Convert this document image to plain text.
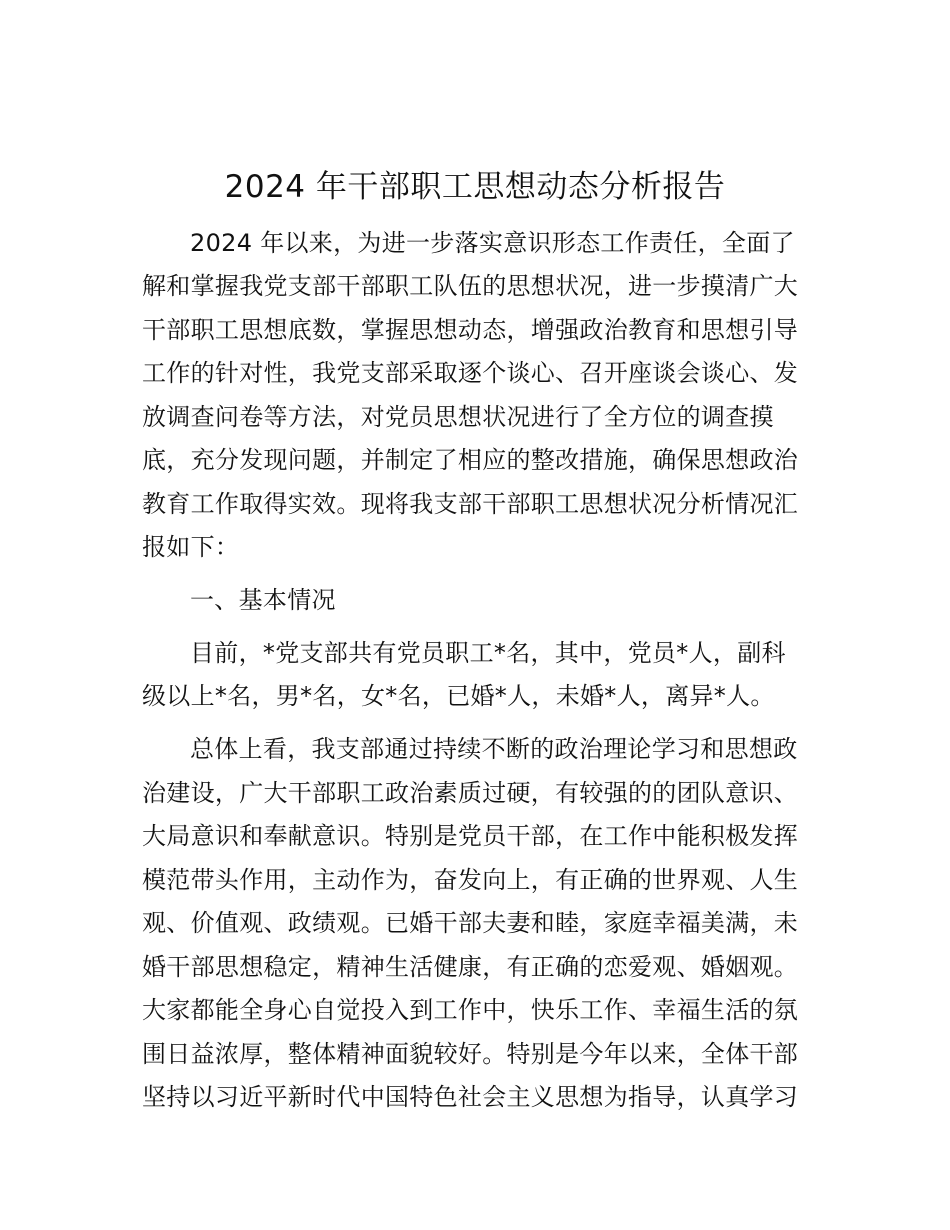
2024 年干部职工思想动态分析报告
2024 年以来，为进一步落实意识形态工作责任，全面了
解和掌握我党支部干部职工队伍的思想状况，进一步摸清广大
干部职工思想底数，掌握思想动态，增强政治教育和思想引导
工作的针对性，我党支部采取逐个谈心、召开座谈会谈心、发
放调查问卷等方法，对党员思想状况进行了全方位的调查摸
底，充分发现问题，并制定了相应的整改措施，确保思想政治
教育工作取得实效。现将我支部干部职工思想状况分析情况汇
报如下：
一、基本情况
目前，*党支部共有党员职工*名，其中，党员*人，副科
级以上*名，男*名，女*名，已婚*人，未婚*人，离异*人。
总体上看，我支部通过持续不断的政治理论学习和思想政
治建设，广大干部职工政治素质过硬，有较强的的团队意识、
大局意识和奉献意识。特别是党员干部，在工作中能积极发挥
模范带头作用，主动作为，奋发向上，有正确的世界观、人生
观、价值观、政绩观。已婚干部夫妻和睦，家庭幸福美满，未
婚干部思想稳定，精神生活健康，有正确的恋爱观、婚姻观。
大家都能全身心自觉投入到工作中，快乐工作、幸福生活的氛
围日益浓厚，整体精神面貌较好。特别是今年以来，全体干部
坚持以习近平新时代中国特色社会主义思想为指导，认真学习
